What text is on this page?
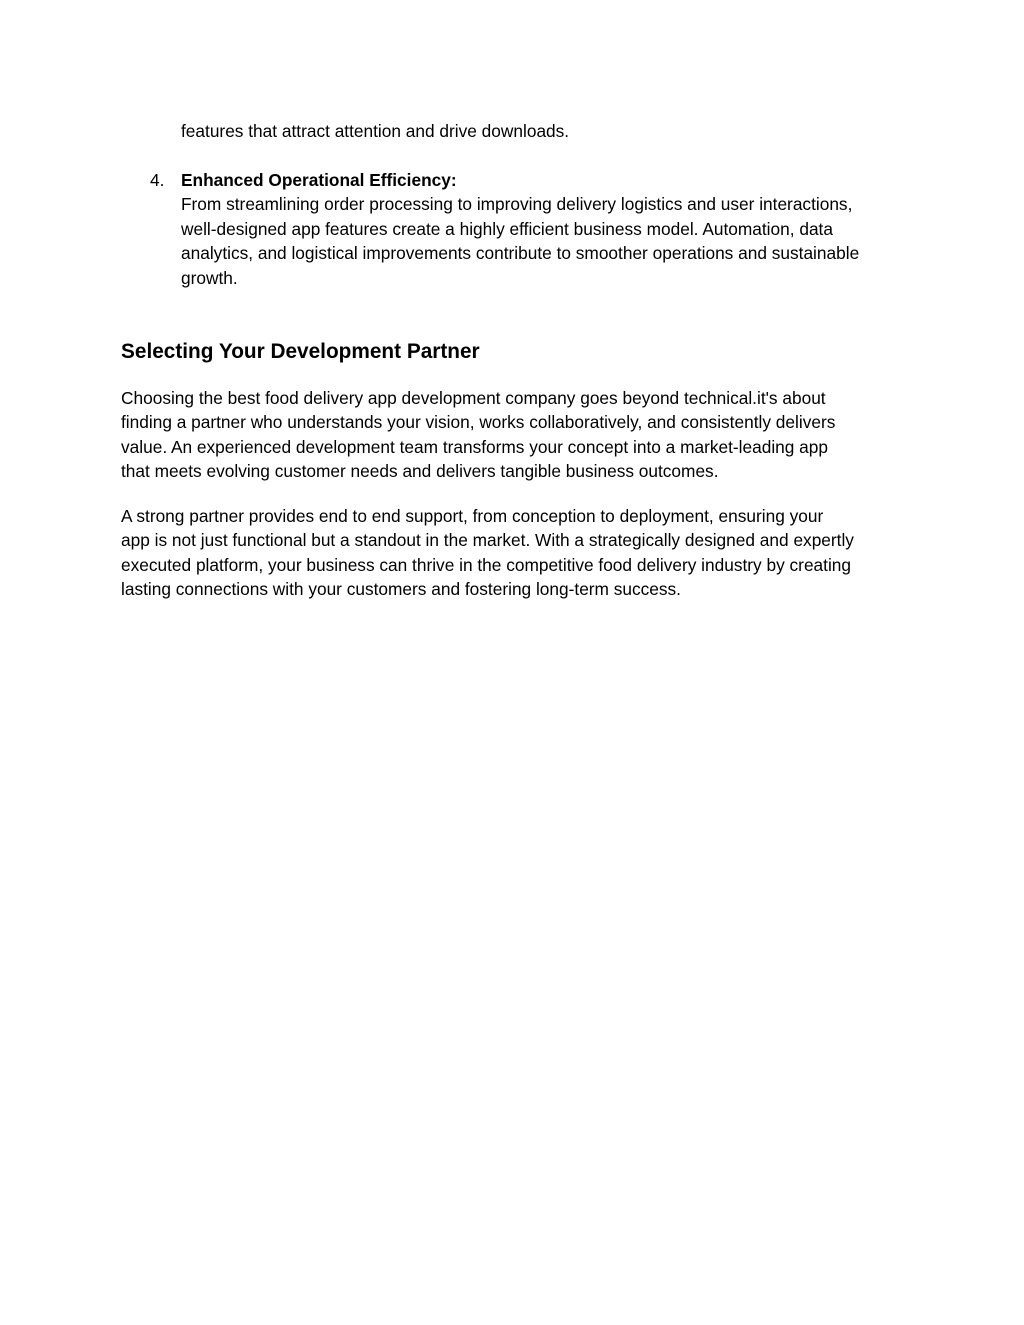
features that attract attention and drive downloads.

4. Enhanced Operational Efficiency:
From streamlining order processing to improving delivery logistics and user interactions,
well-designed app features create a highly efficient business model. Automation, data
analytics, and logistical improvements contribute to smoother operations and sustainable
growth.
Selecting Your Development Partner

Choosing the best food delivery app development company goes beyond technical.it's about
finding a partner who understands your vision, works collaboratively, and consistently delivers
value. An experienced development team transforms your concept into a market-leading app
that meets evolving customer needs and delivers tangible business outcomes.

A strong partner provides end to end support, from conception to deployment, ensuring your
app is not just functional but a standout in the market. With a strategically designed and expertly
executed platform, your business can thrive in the competitive food delivery industry by creating
lasting connections with your customers and fostering long-term success.
